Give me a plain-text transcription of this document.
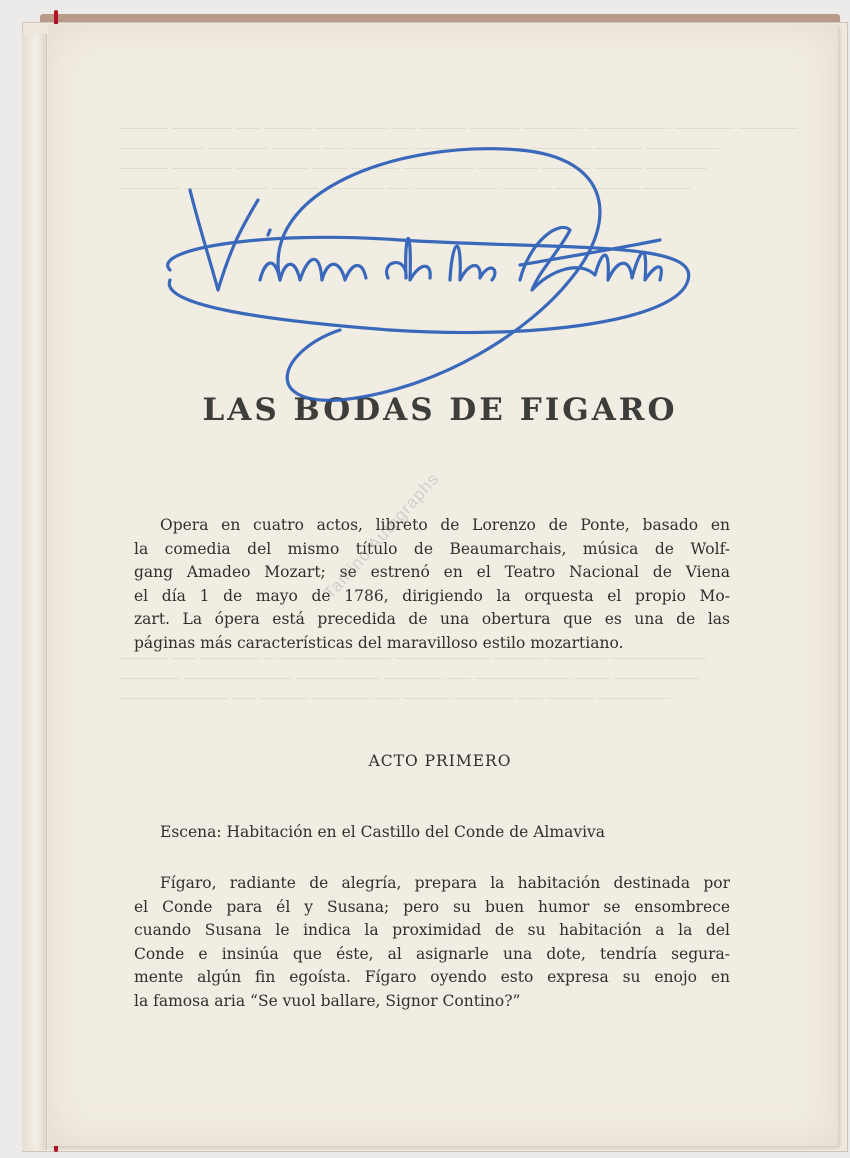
―――― ――――― ―― ―――― ―――――― ―― ―――― ―――― ――――― ――――――― ――――― ―――――
――――――― ――――― ―――― ―― ――――― ――――――― ―― ――――― ―――― ――――――
―――― ――――― ―――――― ――― ―――― ―――――― ――――― ―――― ―――― ―――――
――――― ――――――― ―――― ――――― ―― ――――――― ―――― ――――――― ――――
―――― ―― ――――― ― ――――― ―――― ―――――――― ―――― ――――― ――――――――
――――― ――――――――― ――――――― ――――― ―― ―――――――― ――― ―――――――
――――――――― ―― ―――― ――――― ―― ―――― ――――― ―― ―――― ――――――
LAS BODAS DE FIGARO
Opera en cuatro actos, libreto de Lorenzo de Ponte, basado en
la comedia del mismo título de Beaumarchais, música de Wolf-
gang Amadeo Mozart; se estrenó en el Teatro Nacional de Viena
el día 1 de mayo de 1786, dirigiendo la orquesta el propio Mo-
zart. La ópera está precedida de una obertura que es una de las
páginas más características del maravilloso estilo mozartiano.
ACTO PRIMERO
Escena: Habitación en el Castillo del Conde de Almaviva
Fígaro, radiante de alegría, prepara la habitación destinada por
el Conde para él y Susana; pero su buen humor se ensombrece
cuando Susana le indica la proximidad de su habitación a la del
Conde e insinúa que éste, al asignarle una dote, tendría segura-
mente algún fin egoísta. Fígaro oyendo esto expresa su enojo en
la famosa aria “Se vuol ballare, Signor Contino?”
Tamino Autographs
